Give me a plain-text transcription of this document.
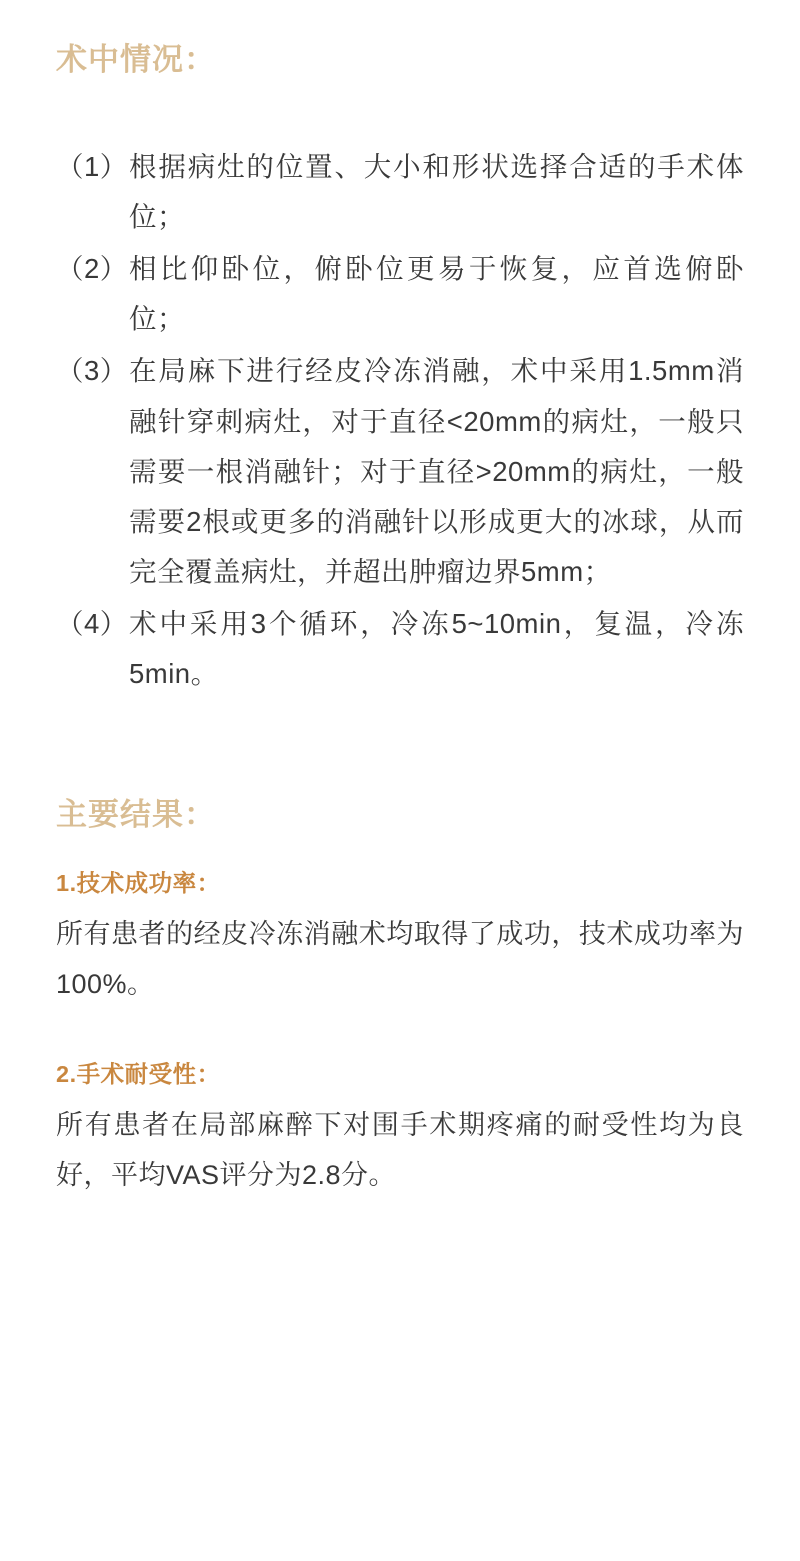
术中情况：
（1） 根据病灶的位置、大小和形状选择合适的手术体位；
（2） 相比仰卧位，俯卧位更易于恢复，应首选俯卧位；
（3） 在局麻下进行经皮冷冻消融，术中采用1.5mm消融针穿刺病灶，对于直径<20mm的病灶，一般只需要一根消融针；对于直径>20mm的病灶，一般需要2根或更多的消融针以形成更大的冰球，从而完全覆盖病灶，并超出肿瘤边界5mm；
（4） 术中采用3个循环，冷冻5~10min，复温，冷冻5min。
主要结果：
1.技术成功率：

所有患者的经皮冷冻消融术均取得了成功，技术成功率为100%。

2.手术耐受性：

所有患者在局部麻醉下对围手术期疼痛的耐受性均为良好，平均VAS评分为2.8分。
